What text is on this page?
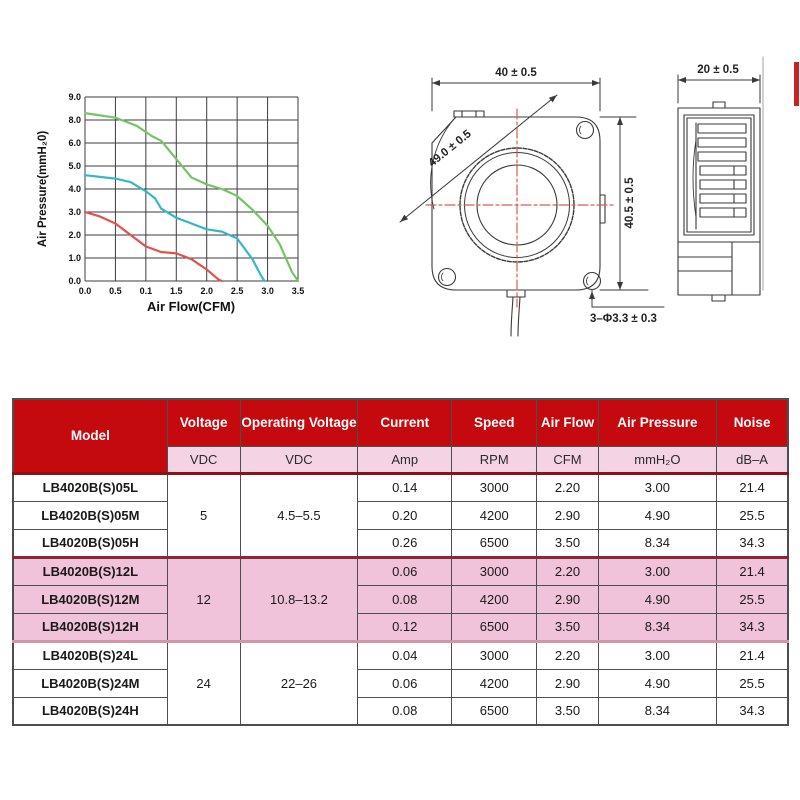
Air Pressure(mmH₂0)
Air Flow(CFM)
9.0
8.0
6.0
5.0
4.0
3.0
2.0
1.0
0.0
0.0 0.5 0.1 1.5 2.0 2.5 3.0 3.5
40 ± 0.5
40.5 ± 0.5
49.0 ± 0.5
3–Φ3.3 ± 0.3
20 ± 0.5
Model	Voltage	Operating Voltage	Current	Speed	Air Flow	Air Pressure	Noise
	VDC	VDC	Amp	RPM	CFM	mmH₂O	dB–A
LB4020B(S)05L	5	4.5–5.5	0.14	3000	2.20	3.00	21.4
LB4020B(S)05M			0.20	4200	2.90	4.90	25.5
LB4020B(S)05H			0.26	6500	3.50	8.34	34.3
LB4020B(S)12L	12	10.8–13.2	0.06	3000	2.20	3.00	21.4
LB4020B(S)12M			0.08	4200	2.90	4.90	25.5
LB4020B(S)12H			0.12	6500	3.50	8.34	34.3
LB4020B(S)24L	24	22–26	0.04	3000	2.20	3.00	21.4
LB4020B(S)24M			0.06	4200	2.90	4.90	25.5
LB4020B(S)24H			0.08	6500	3.50	8.34	34.3
